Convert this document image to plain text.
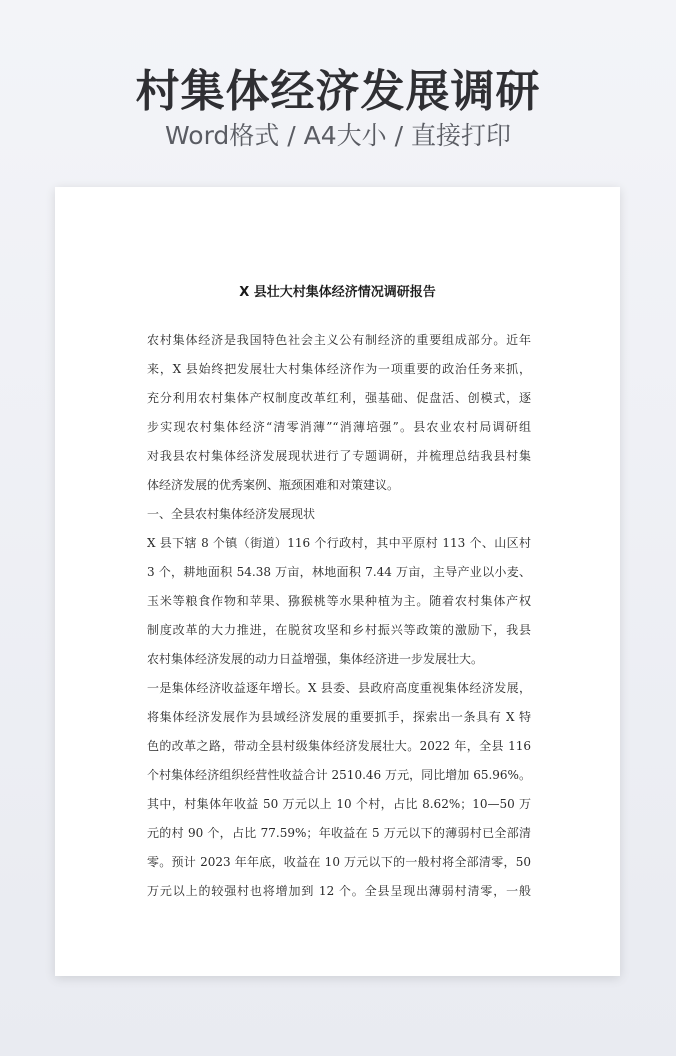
村集体经济发展调研
Word格式 / A4大小 / 直接打印
X 县壮大村集体经济情况调研报告
农村集体经济是我国特色社会主义公有制经济的重要组成部分。近年
来，X 县始终把发展壮大村集体经济作为一项重要的政治任务来抓，
充分利用农村集体产权制度改革红利，强基础、促盘活、创模式，逐
步实现农村集体经济“清零消薄”“消薄培强”。县农业农村局调研组
对我县农村集体经济发展现状进行了专题调研，并梳理总结我县村集
体经济发展的优秀案例、瓶颈困难和对策建议。
一、全县农村集体经济发展现状
X 县下辖 8 个镇（街道）116 个行政村，其中平原村 113 个、山区村
3 个，耕地面积 54.38 万亩，林地面积 7.44 万亩，主导产业以小麦、
玉米等粮食作物和苹果、猕猴桃等水果种植为主。随着农村集体产权
制度改革的大力推进，在脱贫攻坚和乡村振兴等政策的激励下，我县
农村集体经济发展的动力日益增强，集体经济进一步发展壮大。
一是集体经济收益逐年增长。X 县委、县政府高度重视集体经济发展，
将集体经济发展作为县域经济发展的重要抓手，探索出一条具有 X 特
色的改革之路，带动全县村级集体经济发展壮大。2022 年，全县 116
个村集体经济组织经营性收益合计 2510.46 万元，同比增加 65.96%。
其中，村集体年收益 50 万元以上 10 个村，占比 8.62%；10—50 万
元的村 90 个，占比 77.59%；年收益在 5 万元以下的薄弱村已全部清
零。预计 2023 年年底，收益在 10 万元以下的一般村将全部清零，50
万元以上的较强村也将增加到 12 个。全县呈现出薄弱村清零，一般
